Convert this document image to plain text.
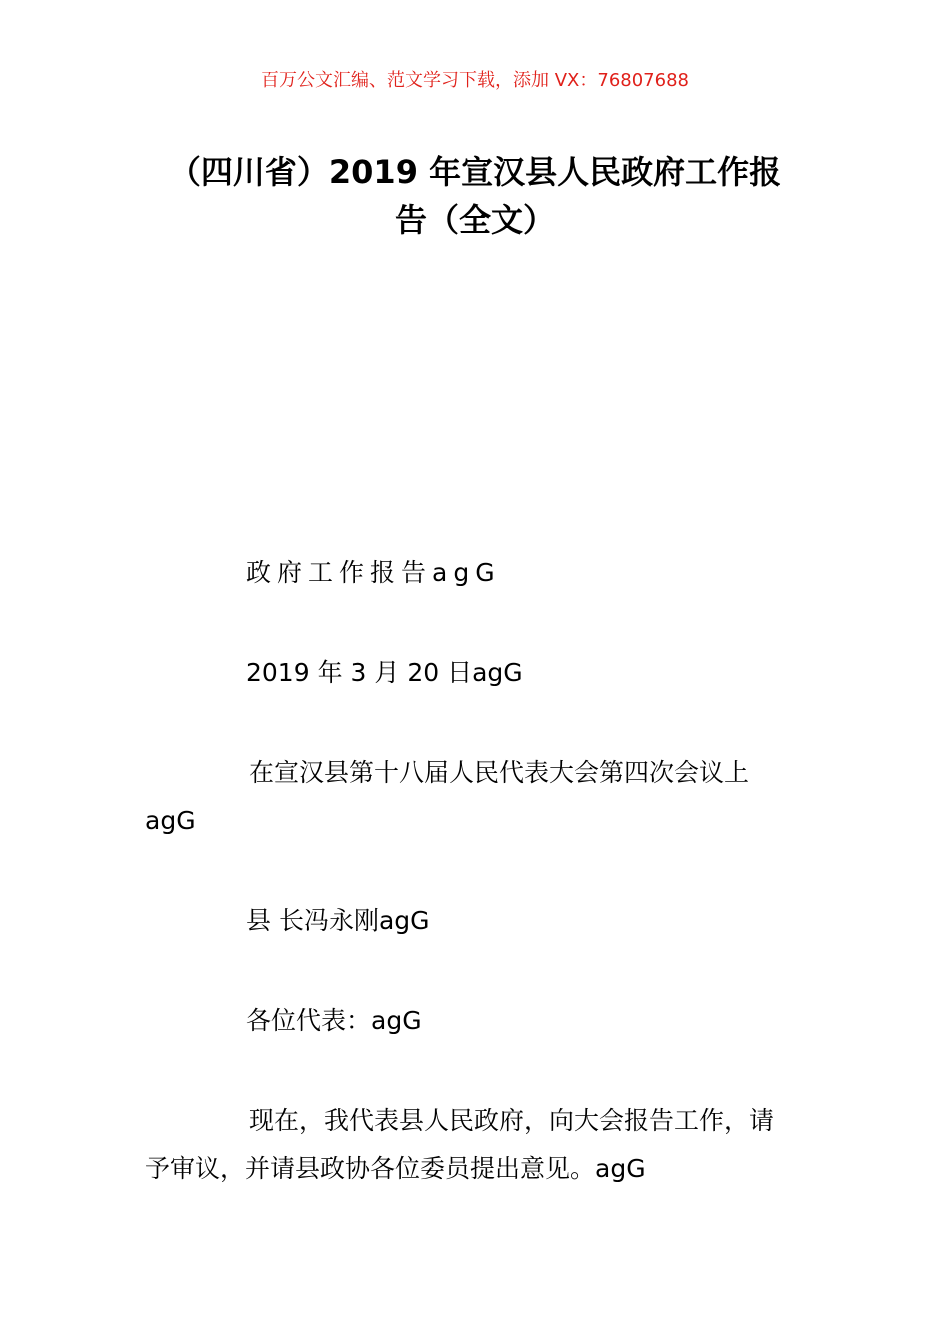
百万公文汇编、范文学习下载，添加 VX：76807688
（四川省）2019 年宣汉县人民政府工作报
告（全文）
政府工作报告agG
2019 年 3 月 20 日agG
在宣汉县第十八届人民代表大会第四次会议上
agG
县 长冯永刚agG
各位代表：agG
现在，我代表县人民政府，向大会报告工作，请
予审议，并请县政协各位委员提出意见。agG
